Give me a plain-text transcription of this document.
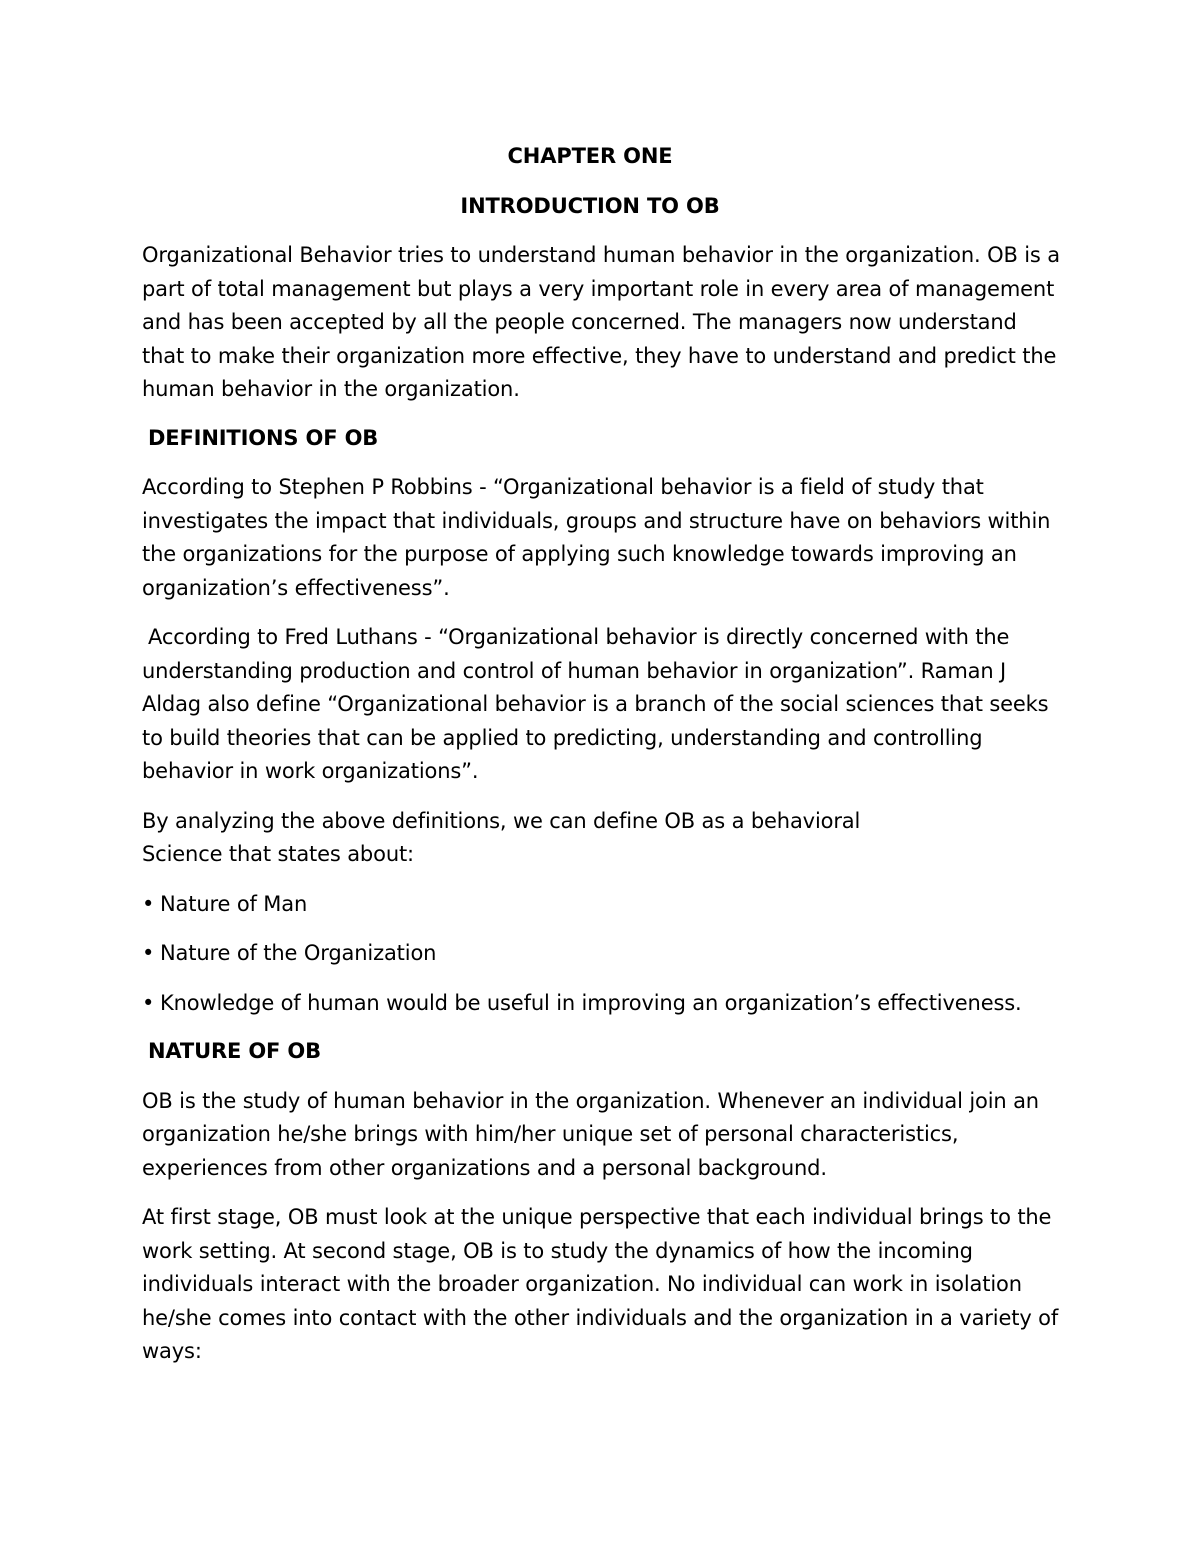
CHAPTER ONE

INTRODUCTION TO OB

Organizational Behavior tries to understand human behavior in the organization. OB is a part of total management but plays a very important role in every area of management and has been accepted by all the people concerned. The managers now understand that to make their organization more effective, they have to understand and predict the human behavior in the organization.

DEFINITIONS OF OB

According to Stephen P Robbins - “Organizational behavior is a field of study that investigates the impact that individuals, groups and structure have on behaviors within the organizations for the purpose of applying such knowledge towards improving an organization’s effectiveness”.

According to Fred Luthans - “Organizational behavior is directly concerned with the understanding production and control of human behavior in organization”. Raman J Aldag also define “Organizational behavior is a branch of the social sciences that seeks to build theories that can be applied to predicting, understanding and controlling behavior in work organizations”.

By analyzing the above definitions, we can define OB as a behavioral
Science that states about:

• Nature of Man

• Nature of the Organization

• Knowledge of human would be useful in improving an organization’s effectiveness.

NATURE OF OB

OB is the study of human behavior in the organization. Whenever an individual join an organization he/she brings with him/her unique set of personal characteristics, experiences from other organizations and a personal background.

At first stage, OB must look at the unique perspective that each individual brings to the work setting. At second stage, OB is to study the dynamics of how the incoming individuals interact with the broader organization. No individual can work in isolation he/she comes into contact with the other individuals and the organization in a variety of ways:
